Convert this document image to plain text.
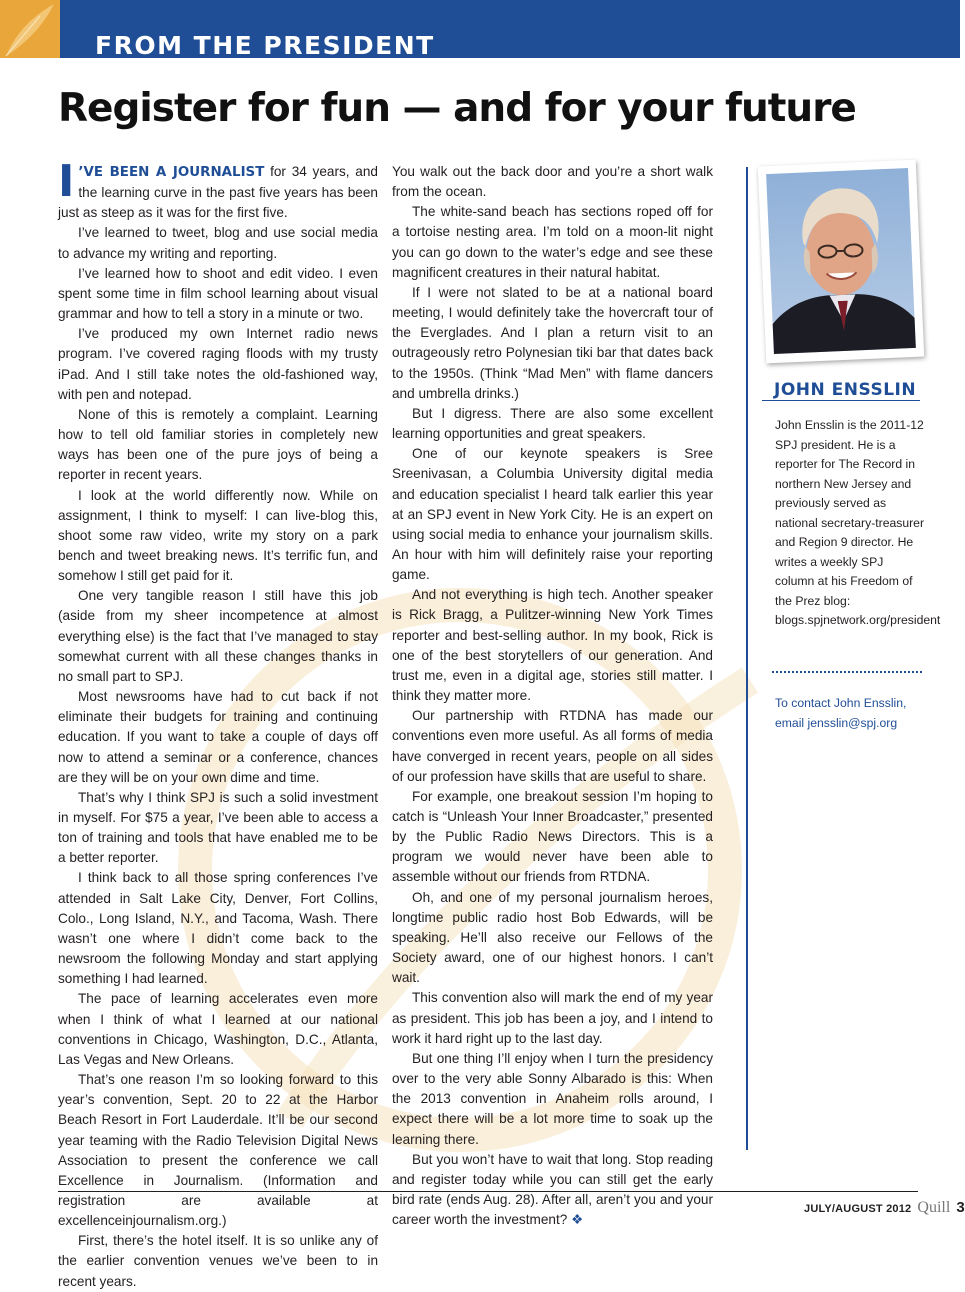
FROM THE PRESIDENT
Register for fun — and for your future

I ’VE BEEN A JOURNALIST for 34 years, and the learning curve in the past five years has been just as steep as it was for the first five.

I’ve learned to tweet, blog and use social media to advance my writing and reporting.

I’ve learned how to shoot and edit video. I even spent some time in film school learning about visual grammar and how to tell a story in a minute or two.

I’ve produced my own Internet radio news program. I’ve covered raging floods with my trusty iPad. And I still take notes the old-fashioned way, with pen and notepad.

None of this is remotely a complaint. Learning how to tell old familiar stories in completely new ways has been one of the pure joys of being a reporter in recent years.

I look at the world differently now. While on assignment, I think to myself: I can live-blog this, shoot some raw video, write my story on a park bench and tweet breaking news. It’s terrific fun, and somehow I still get paid for it.

One very tangible reason I still have this job (aside from my sheer incompetence at almost everything else) is the fact that I’ve managed to stay somewhat current with all these changes thanks in no small part to SPJ.

Most newsrooms have had to cut back if not eliminate their budgets for training and continuing education. If you want to take a couple of days off now to attend a seminar or a conference, chances are they will be on your own dime and time.

That’s why I think SPJ is such a solid investment in myself. For $75 a year, I’ve been able to access a ton of training and tools that have enabled me to be a better reporter.

I think back to all those spring conferences I’ve attended in Salt Lake City, Denver, Fort Collins, Colo., Long Island, N.Y., and Tacoma, Wash. There wasn’t one where I didn’t come back to the newsroom the following Monday and start applying something I had learned.

The pace of learning accelerates even more when I think of what I learned at our national conventions in Chicago, Washington, D.C., Atlanta, Las Vegas and New Orleans.

That’s one reason I’m so looking forward to this year’s convention, Sept. 20 to 22 at the Harbor Beach Resort in Fort Lauderdale. It’ll be our second year teaming with the Radio Television Digital News Association to present the conference we call Excellence in Journalism. (Information and registration are available at excellenceinjournalism.org.)

First, there’s the hotel itself. It is so unlike any of the earlier convention venues we’ve been to in recent years.

You walk out the back door and you’re a short walk from the ocean.

The white-sand beach has sections roped off for a tortoise nesting area. I’m told on a moon-lit night you can go down to the water’s edge and see these magnificent creatures in their natural habitat.

If I were not slated to be at a national board meeting, I would definitely take the hovercraft tour of the Everglades. And I plan a return visit to an outrageously retro Polynesian tiki bar that dates back to the 1950s. (Think “Mad Men” with flame dancers and umbrella drinks.)

But I digress. There are also some excellent learning opportunities and great speakers.

One of our keynote speakers is Sree Sreenivasan, a Columbia University digital media and education specialist I heard talk earlier this year at an SPJ event in New York City. He is an expert on using social media to enhance your journalism skills. An hour with him will definitely raise your reporting game.

And not everything is high tech. Another speaker is Rick Bragg, a Pulitzer-winning New York Times reporter and best-selling author. In my book, Rick is one of the best storytellers of our generation. And trust me, even in a digital age, stories still matter. I think they matter more.

Our partnership with RTDNA has made our conventions even more useful. As all forms of media have converged in recent years, people on all sides of our profession have skills that are useful to share.

For example, one breakout session I’m hoping to catch is “Unleash Your Inner Broadcaster,” presented by the Public Radio News Directors. This is a program we would never have been able to assemble without our friends from RTDNA.

Oh, and one of my personal journalism heroes, longtime public radio host Bob Edwards, will be speaking. He’ll also receive our Fellows of the Society award, one of our highest honors. I can’t wait.

This convention also will mark the end of my year as president. This job has been a joy, and I intend to work it hard right up to the last day.

But one thing I’ll enjoy when I turn the presidency over to the very able Sonny Albarado is this: When the 2013 convention in Anaheim rolls around, I expect there will be a lot more time to soak up the learning there.

But you won’t have to wait that long. Stop reading and register today while you can still get the early bird rate (ends Aug. 28). After all, aren’t you and your career worth the investment? ❖

JOHN ENSSLIN

John Ensslin is the 2011-12 SPJ president. He is a reporter for The Record in northern New Jersey and previously served as national secretary-treasurer and Region 9 director. He writes a weekly SPJ column at his Freedom of the Prez blog: blogs.spjnetwork.org/president

To contact John Ensslin, email jensslin@spj.org

JULY/AUGUST 2012 Quill 3
